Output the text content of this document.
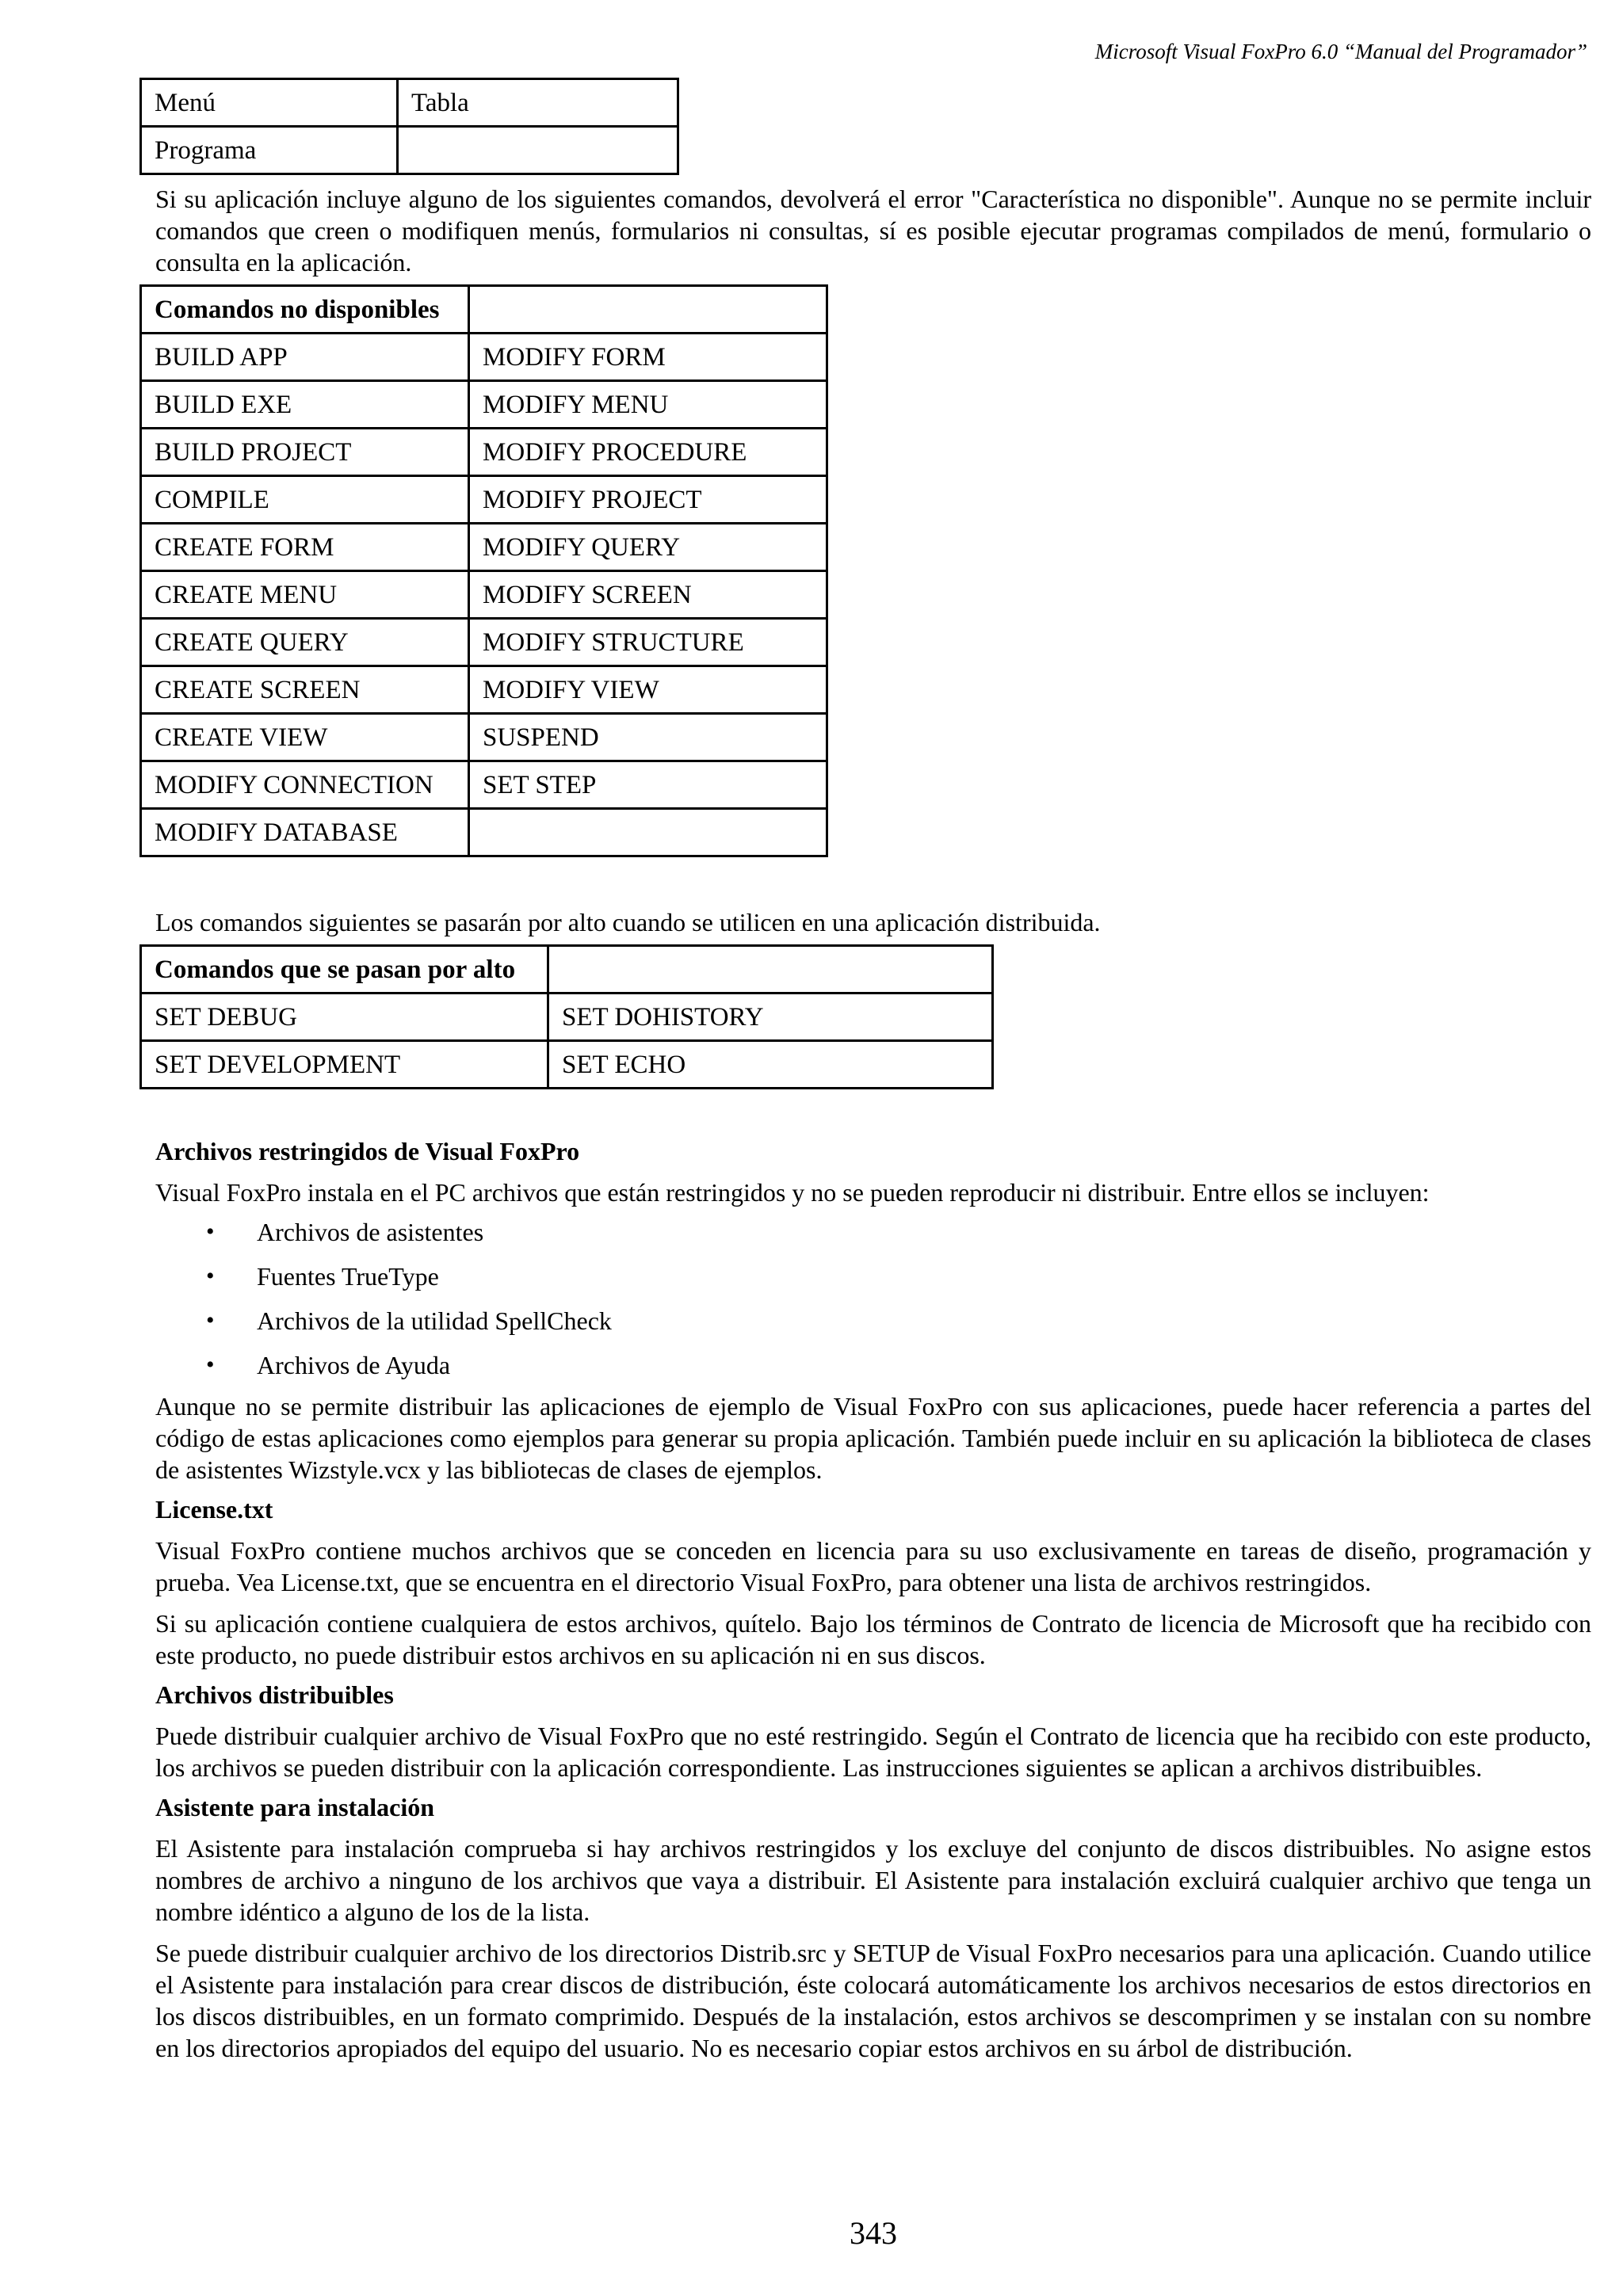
Microsoft Visual FoxPro 6.0 “Manual del Programador”
Menú	Tabla
Programa	

Si su aplicación incluye alguno de los siguientes comandos, devolverá el error "Característica no disponible". Aunque no se permite incluir comandos que creen o modifiquen menús, formularios ni consultas, sí es posible ejecutar programas compilados de menú, formulario o consulta en la aplicación.

Comandos no disponibles	
BUILD APP	MODIFY FORM
BUILD EXE	MODIFY MENU
BUILD PROJECT	MODIFY PROCEDURE
COMPILE	MODIFY PROJECT
CREATE FORM	MODIFY QUERY
CREATE MENU	MODIFY SCREEN
CREATE QUERY	MODIFY STRUCTURE
CREATE SCREEN	MODIFY VIEW
CREATE VIEW	SUSPEND
MODIFY CONNECTION	SET STEP
MODIFY DATABASE	

Los comandos siguientes se pasarán por alto cuando se utilicen en una aplicación distribuida.

Comandos que se pasan por alto	
SET DEBUG	SET DOHISTORY
SET DEVELOPMENT	SET ECHO
Archivos restringidos de Visual FoxPro

Visual FoxPro instala en el PC archivos que están restringidos y no se pueden reproducir ni distribuir. Entre ellos se incluyen:

• Archivos de asistentes
• Fuentes TrueType
• Archivos de la utilidad SpellCheck
• Archivos de Ayuda

Aunque no se permite distribuir las aplicaciones de ejemplo de Visual FoxPro con sus aplicaciones, puede hacer referencia a partes del código de estas aplicaciones como ejemplos para generar su propia aplicación. También puede incluir en su aplicación la biblioteca de clases de asistentes Wizstyle.vcx y las bibliotecas de clases de ejemplos.

License.txt

Visual FoxPro contiene muchos archivos que se conceden en licencia para su uso exclusivamente en tareas de diseño, programación y prueba. Vea License.txt, que se encuentra en el directorio Visual FoxPro, para obtener una lista de archivos restringidos.

Si su aplicación contiene cualquiera de estos archivos, quítelo. Bajo los términos de Contrato de licencia de Microsoft que ha recibido con este producto, no puede distribuir estos archivos en su aplicación ni en sus discos.

Archivos distribuibles

Puede distribuir cualquier archivo de Visual FoxPro que no esté restringido. Según el Contrato de licencia que ha recibido con este producto, los archivos se pueden distribuir con la aplicación correspondiente. Las instrucciones siguientes se aplican a archivos distribuibles.

Asistente para instalación

El Asistente para instalación comprueba si hay archivos restringidos y los excluye del conjunto de discos distribuibles. No asigne estos nombres de archivo a ninguno de los archivos que vaya a distribuir. El Asistente para instalación excluirá cualquier archivo que tenga un nombre idéntico a alguno de los de la lista.

Se puede distribuir cualquier archivo de los directorios Distrib.src y SETUP de Visual FoxPro necesarios para una aplicación. Cuando utilice el Asistente para instalación para crear discos de distribución, éste colocará automáticamente los archivos necesarios de estos directorios en los discos distribuibles, en un formato comprimido. Después de la instalación, estos archivos se descomprimen y se instalan con su nombre en los directorios apropiados del equipo del usuario. No es necesario copiar estos archivos en su árbol de distribución.

343
